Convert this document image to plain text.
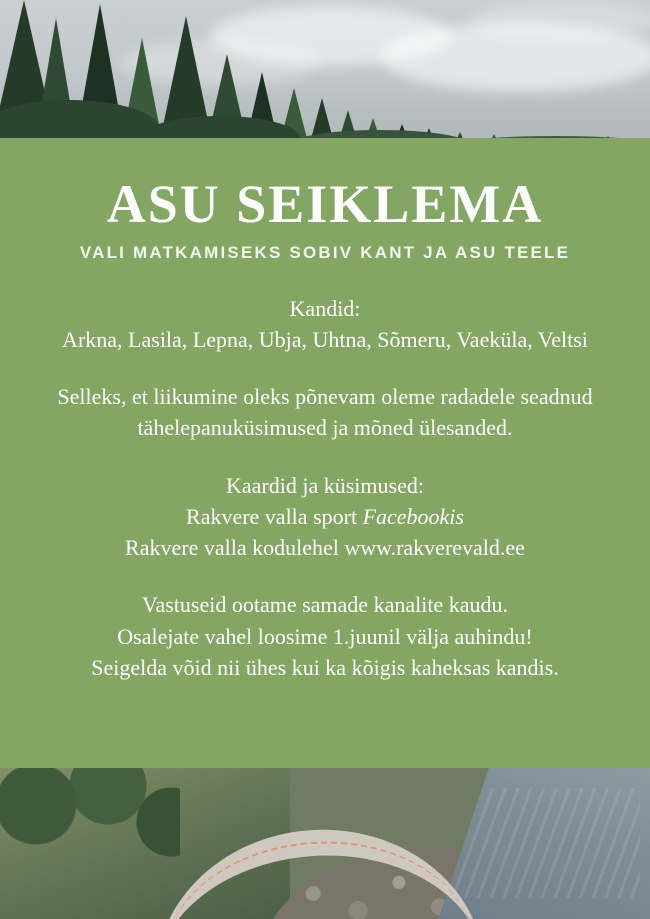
ASU SEIKLEMA
VALI MATKAMISEKS SOBIV KANT JA ASU TEELE
Kandid:
Arkna, Lasila, Lepna, Ubja, Uhtna, Sõmeru, Vaeküla, Veltsi
Selleks, et liikumine oleks põnevam oleme radadele seadnud
tähelepanuküsimused ja mõned ülesanded.
Kaardid ja küsimused:
Rakvere valla sport Facebookis
Rakvere valla kodulehel www.rakverevald.ee
Vastuseid ootame samade kanalite kaudu.
Osalejate vahel loosime 1.juunil välja auhindu!
Seigelda võid nii ühes kui ka kõigis kaheksas kandis.
